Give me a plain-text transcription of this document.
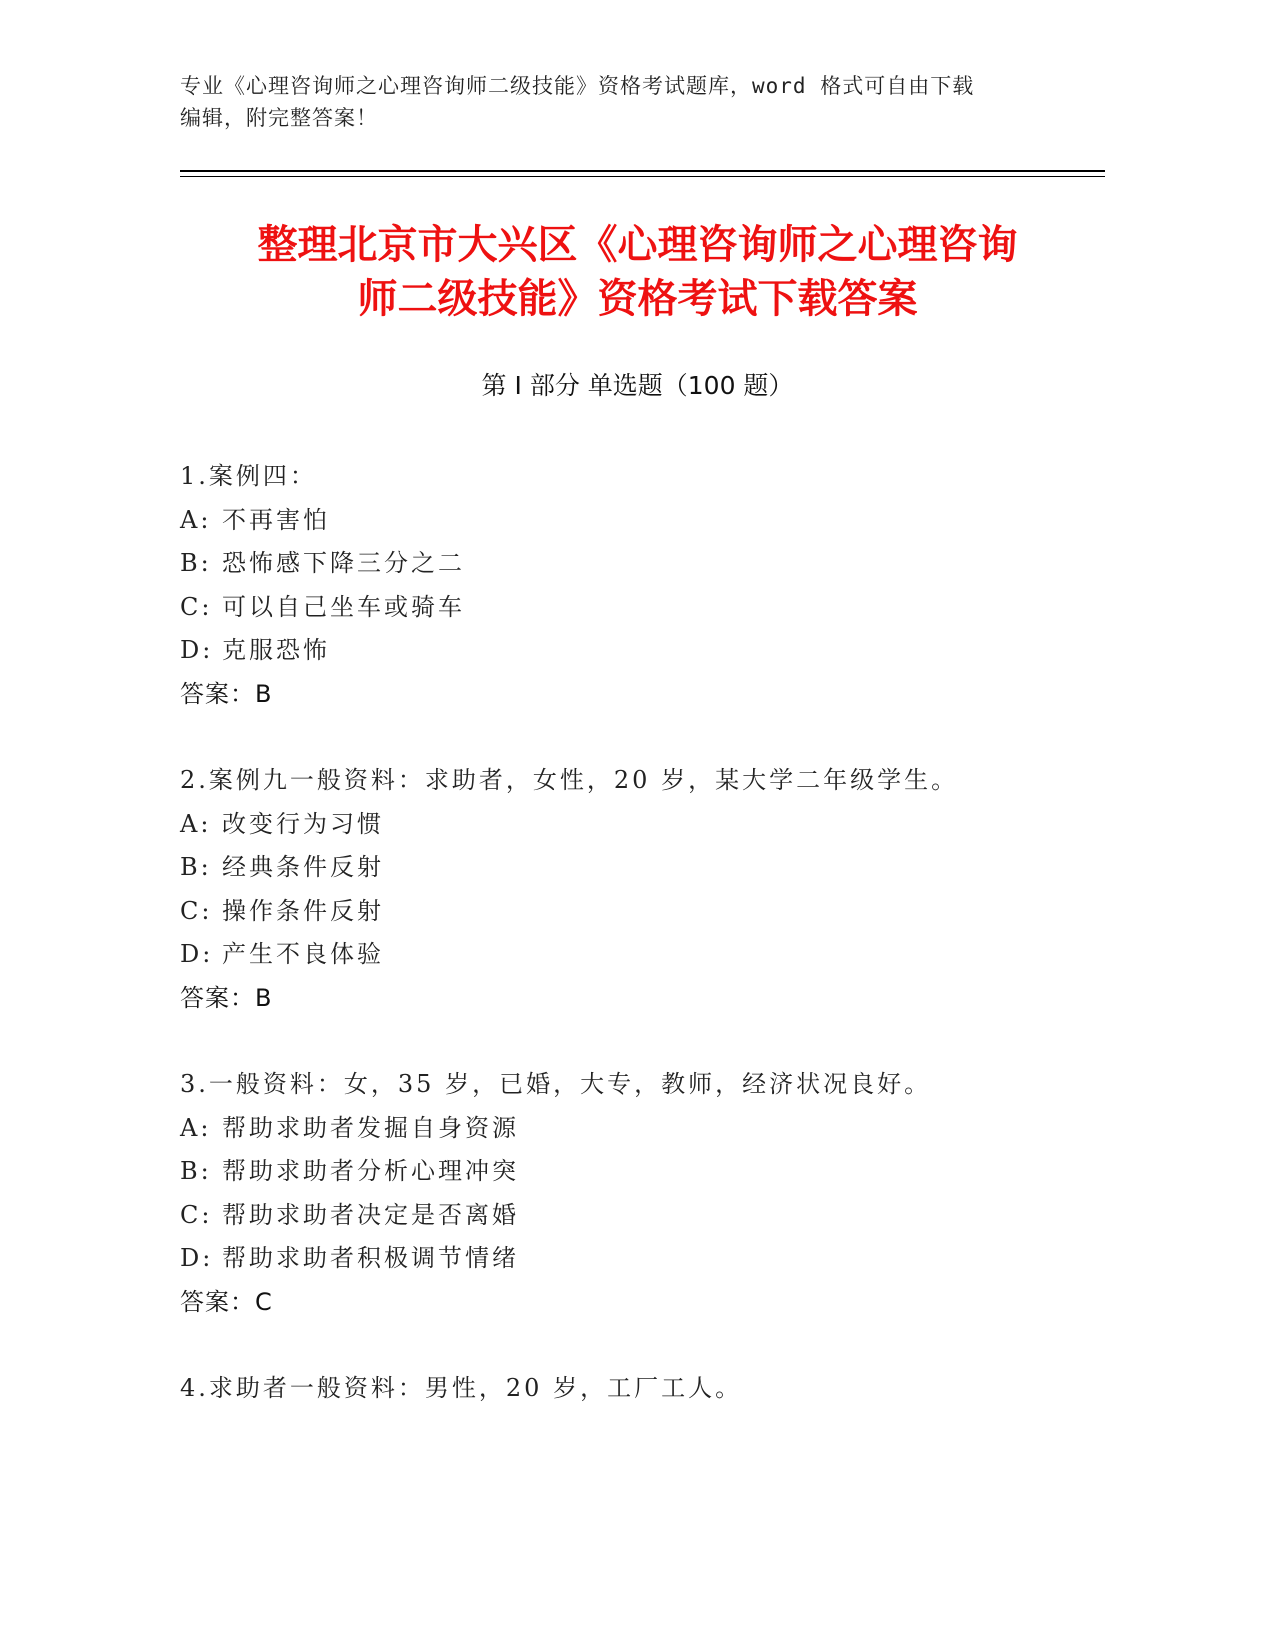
专业《心理咨询师之心理咨询师二级技能》资格考试题库，word 格式可自由下载
编辑，附完整答案！
整理北京市大兴区《心理咨询师之心理咨询
师二级技能》资格考试下载答案
第 I 部分 单选题（100 题）
1.案例四：
A: 不再害怕
B: 恐怖感下降三分之二
C: 可以自己坐车或骑车
D: 克服恐怖
答案：B
2.案例九一般资料：求助者，女性，20 岁，某大学二年级学生。
A: 改变行为习惯
B: 经典条件反射
C: 操作条件反射
D: 产生不良体验
答案：B
3.一般资料：女，35 岁，已婚，大专，教师，经济状况良好。
A: 帮助求助者发掘自身资源
B: 帮助求助者分析心理冲突
C: 帮助求助者决定是否离婚
D: 帮助求助者积极调节情绪
答案：C
4.求助者一般资料：男性，20 岁，工厂工人。
